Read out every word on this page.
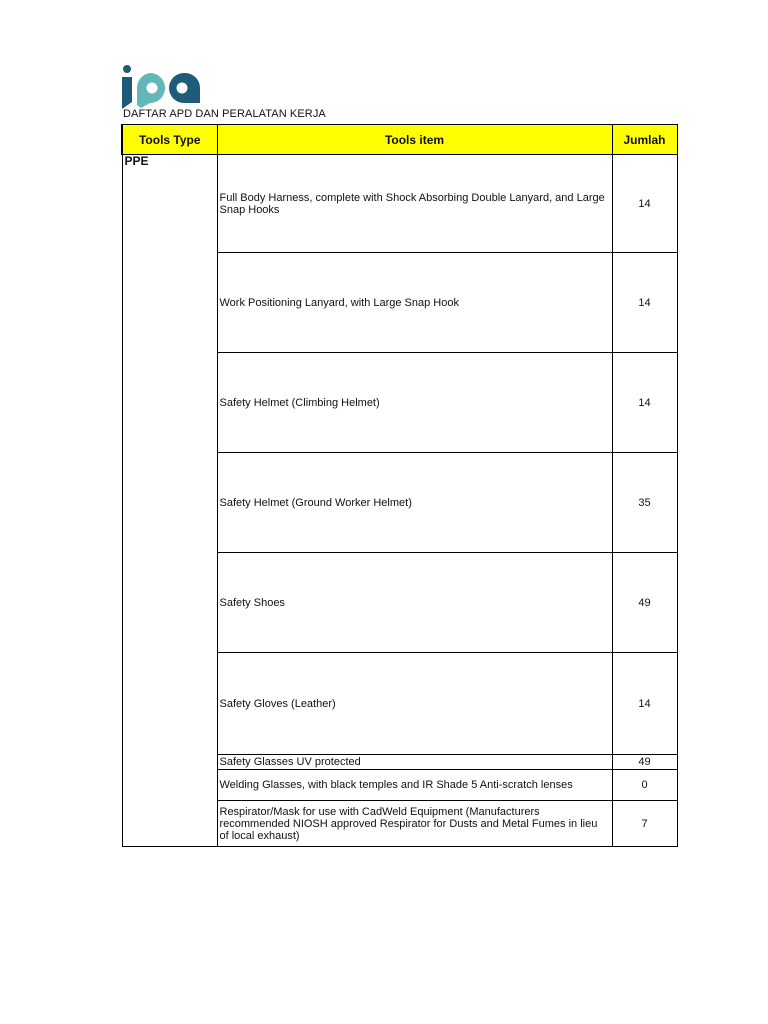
DAFTAR APD DAN PERALATAN KERJA
Tools Type	Tools item	Jumlah
PPE	Full Body Harness, complete with Shock Absorbing Double Lanyard, and Large Snap Hooks	14
	Work Positioning Lanyard, with Large Snap Hook	14
	Safety Helmet (Climbing Helmet)	14
	Safety Helmet (Ground Worker Helmet)	35
	Safety Shoes	49
	Safety Gloves (Leather)	14
	Safety Glasses UV protected	49
	Welding Glasses, with black temples and IR Shade 5 Anti-scratch lenses	0
	Respirator/Mask for use with CadWeld Equipment (Manufacturers recommended NIOSH approved Respirator for Dusts and Metal Fumes in lieu of local exhaust)	7
